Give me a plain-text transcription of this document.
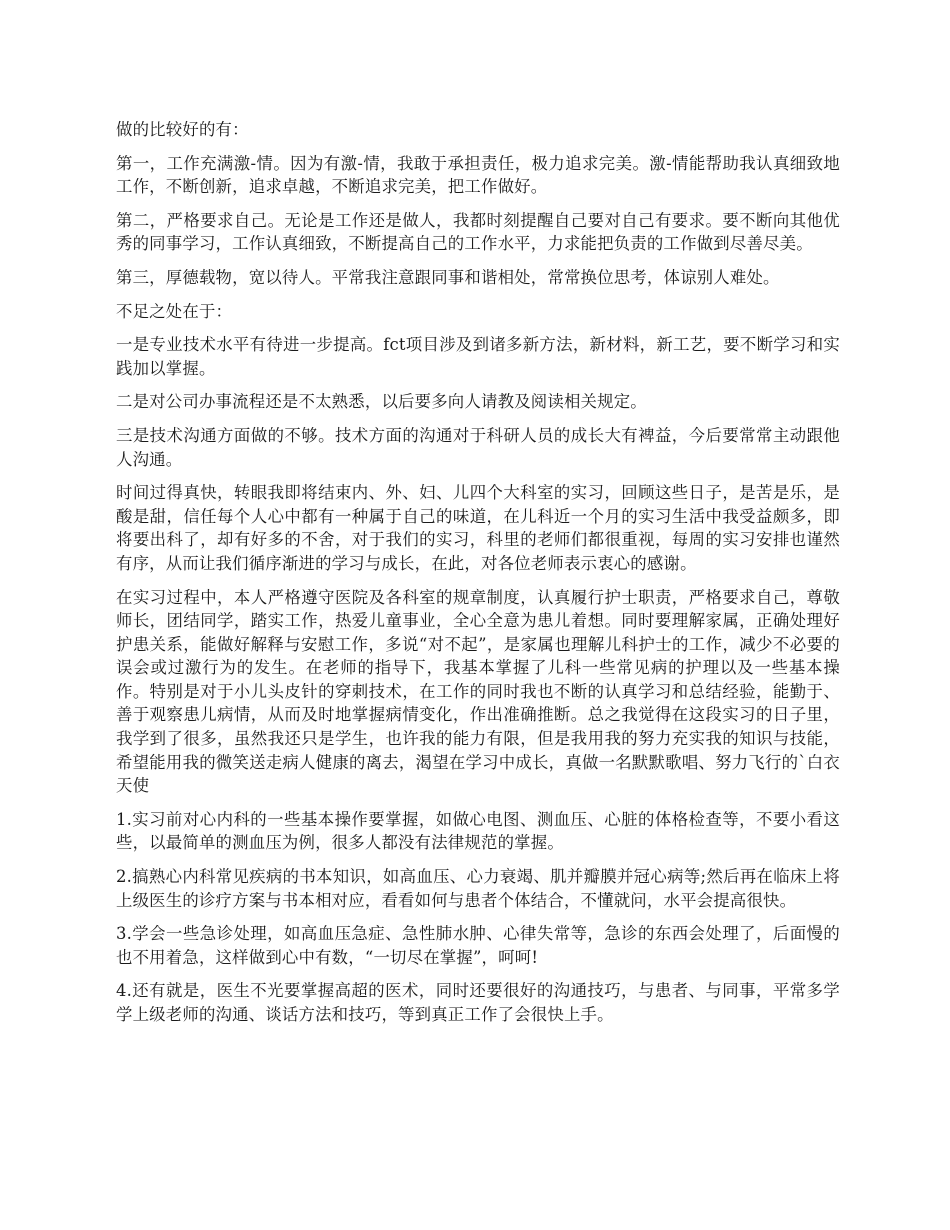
做的比较好的有：

第一，工作充满激-情。因为有激-情，我敢于承担责任，极力追求完美。激-情能帮助我认真细致地工作，不断创新，追求卓越，不断追求完美，把工作做好。

第二，严格要求自己。无论是工作还是做人，我都时刻提醒自己要对自己有要求。要不断向其他优秀的同事学习，工作认真细致，不断提高自己的工作水平，力求能把负责的工作做到尽善尽美。

第三，厚德载物，宽以待人。平常我注意跟同事和谐相处，常常换位思考，体谅别人难处。

不足之处在于：

一是专业技术水平有待进一步提高。fct项目涉及到诸多新方法，新材料，新工艺，要不断学习和实践加以掌握。

二是对公司办事流程还是不太熟悉，以后要多向人请教及阅读相关规定。

三是技术沟通方面做的不够。技术方面的沟通对于科研人员的成长大有裨益，今后要常常主动跟他人沟通。

时间过得真快，转眼我即将结束内、外、妇、儿四个大科室的实习，回顾这些日子，是苦是乐，是酸是甜，信任每个人心中都有一种属于自己的味道，在儿科近一个月的实习生活中我受益颇多，即将要出科了，却有好多的不舍，对于我们的实习，科里的老师们都很重视，每周的实习安排也谨然有序，从而让我们循序渐进的学习与成长，在此，对各位老师表示衷心的感谢。

在实习过程中，本人严格遵守医院及各科室的规章制度，认真履行护士职责，严格要求自己，尊敬师长，团结同学，踏实工作，热爱儿童事业，全心全意为患儿着想。同时要理解家属，正确处理好护患关系，能做好解释与安慰工作，多说“对不起”，是家属也理解儿科护士的工作，减少不必要的误会或过激行为的发生。在老师的指导下，我基本掌握了儿科一些常见病的护理以及一些基本操作。特别是对于小儿头皮针的穿刺技术，在工作的同时我也不断的认真学习和总结经验，能勤于、善于观察患儿病情，从而及时地掌握病情变化，作出准确推断。总之我觉得在这段实习的日子里，我学到了很多，虽然我还只是学生，也许我的能力有限，但是我用我的努力充实我的知识与技能，希望能用我的微笑送走病人健康的离去，渴望在学习中成长，真做一名默默歌唱、努力飞行的`白衣天使

1.实习前对心内科的一些基本操作要掌握，如做心电图、测血压、心脏的体格检查等，不要小看这些，以最简单的测血压为例，很多人都没有法律规范的掌握。

2.搞熟心内科常见疾病的书本知识，如高血压、心力衰竭、肌并瓣膜并冠心病等;然后再在临床上将上级医生的诊疗方案与书本相对应，看看如何与患者个体结合，不懂就问，水平会提高很快。

3.学会一些急诊处理，如高血压急症、急性肺水肿、心律失常等，急诊的东西会处理了，后面慢的也不用着急，这样做到心中有数，“一切尽在掌握”，呵呵!

4.还有就是，医生不光要掌握高超的医术，同时还要很好的沟通技巧，与患者、与同事，平常多学学上级老师的沟通、谈话方法和技巧，等到真正工作了会很快上手。
